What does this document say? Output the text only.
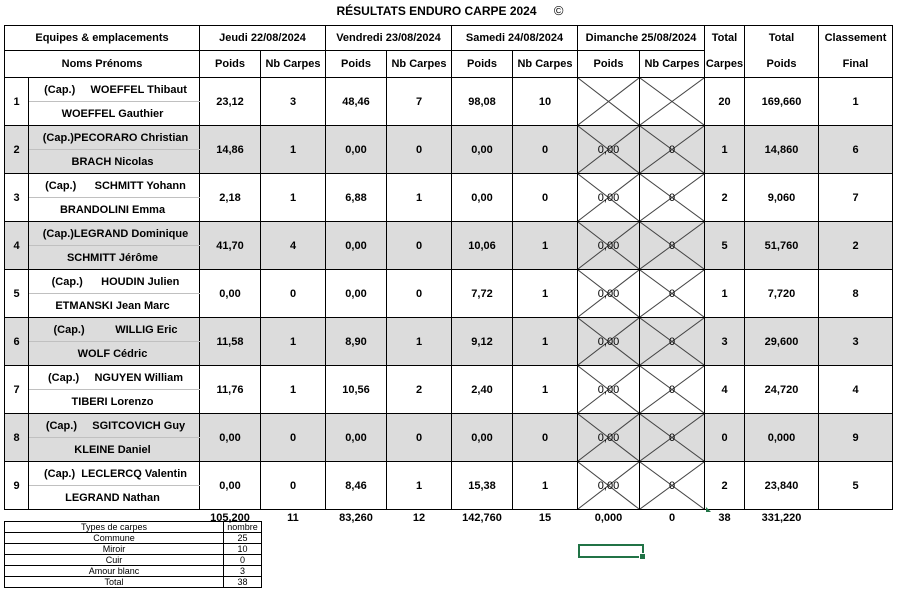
RÉSULTATS ENDURO CARPE 2024 ©
Equipes & emplacements		Jeudi 22/08/2024		Vendredi 23/08/2024		Samedi 24/08/2024		Dimanche 25/08/2024		Total	Total	Classement
Noms Prénoms		Poids	Nb Carpes	Poids	Nb Carpes	Poids	Nb Carpes	Poids	Nb Carpes	Carpes	Poids	Final
1	(Cap.)     WOEFFEL Thibaut	23,12	3	48,46	7	98,08	10			20	169,660	1
	WOEFFEL Gauthier											
2	(Cap.)PECORARO Christian	14,86	1	0,00	0	0,00	0	0,00	0	1	14,860	6
	BRACH Nicolas											
3	(Cap.)      SCHMITT Yohann	2,18	1	6,88	1	0,00	0	0,00	0	2	9,060	7
	BRANDOLINI Emma											
4	(Cap.)LEGRAND Dominique	41,70	4	0,00	0	10,06	1	0,00	0	5	51,760	2
	SCHMITT Jérôme											
5	(Cap.)      HOUDIN Julien	0,00	0	0,00	0	7,72	1	0,00	0	1	7,720	8
	ETMANSKI Jean Marc											
6	(Cap.)          WILLIG Eric	11,58	1	8,90	1	9,12	1	0,00	0	3	29,600	3
	WOLF Cédric											
7	(Cap.)     NGUYEN William	11,76	1	10,56	2	2,40	1	0,00	0	4	24,720	4
	TIBERI Lorenzo											
8	(Cap.)     SGITCOVICH Guy	0,00	0	0,00	0	0,00	0	0,00	0	0	0,000	9
	KLEINE Daniel											
9	(Cap.)  LECLERCQ Valentin	0,00	0	8,46	1	15,38	1	0,00	0	2	23,840	5
	LEGRAND Nathan											
		105,200	11	83,260	12	142,760	15	0,000	0	38	331,220	
Types de carpes	nombre
Commune	25
Miroir	10
Cuir	0
Amour blanc	3
Total	38
